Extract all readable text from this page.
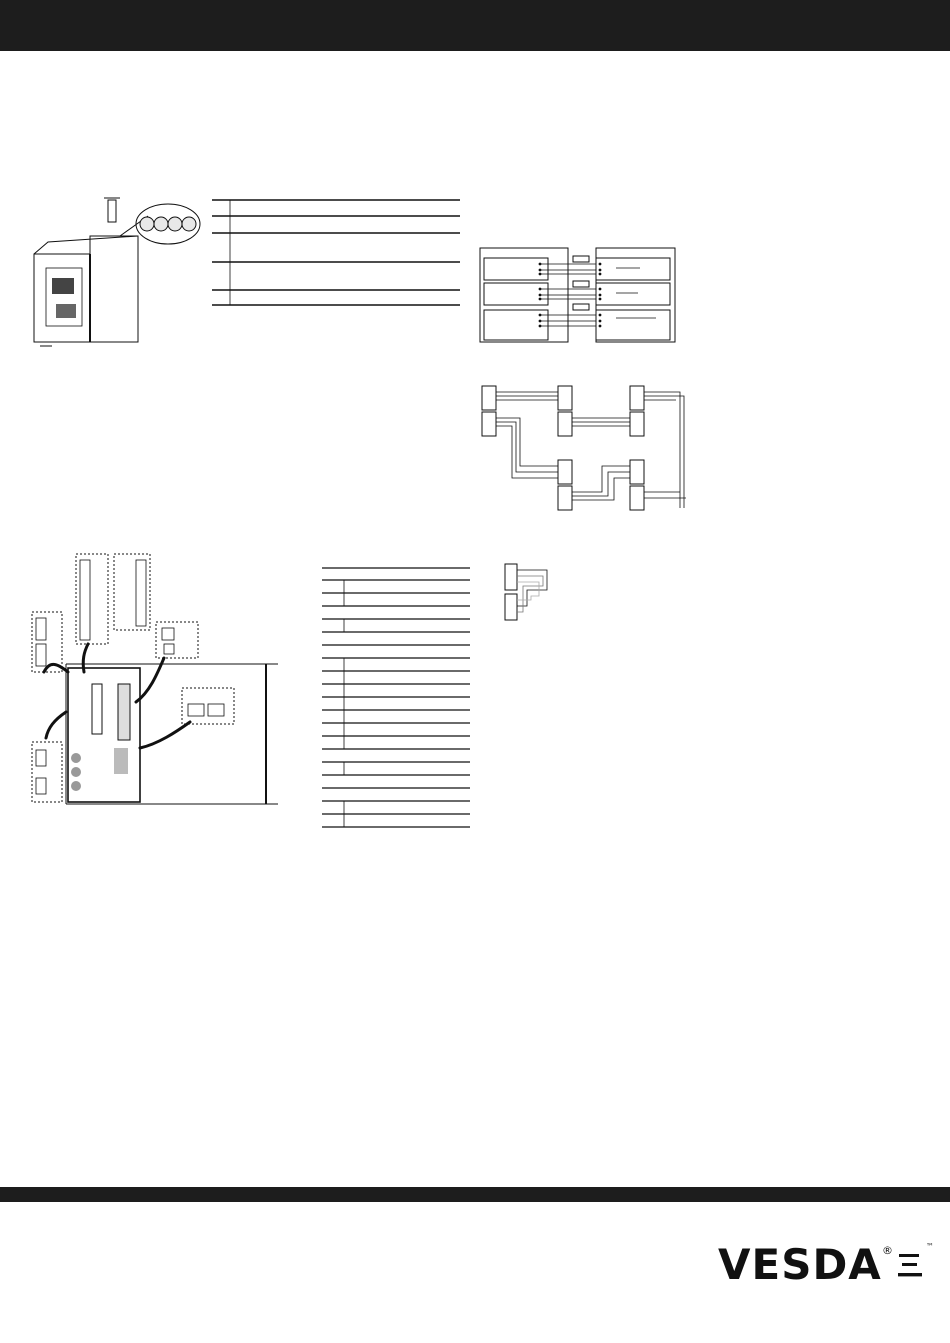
VESDA ®	™
